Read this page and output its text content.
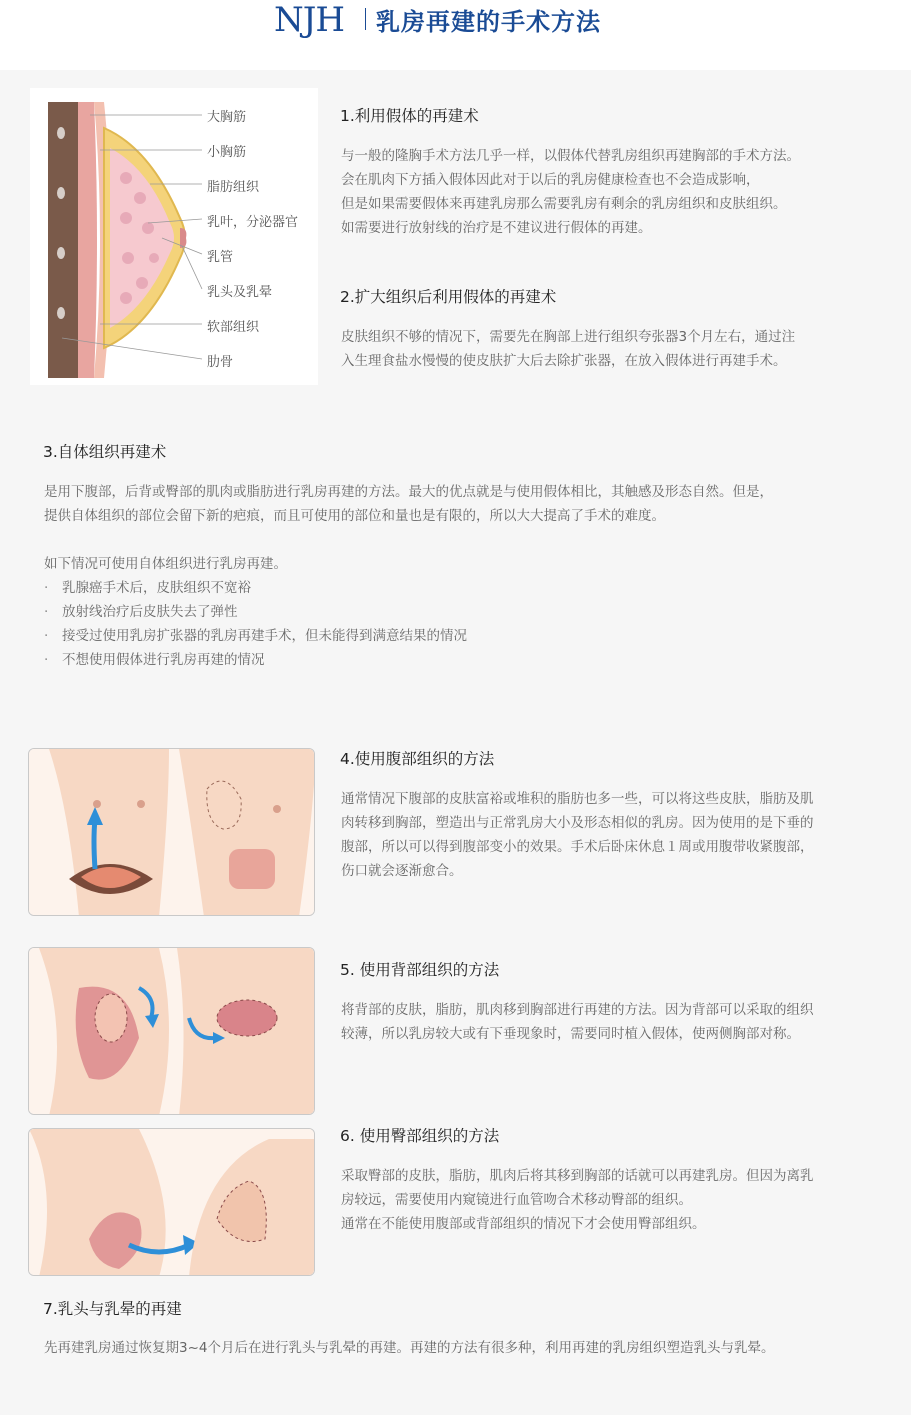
NJH 乳房再建的手术方法
大胸筋
小胸筋
脂肪组织
乳叶，分泌器官
乳管
乳头及乳晕
软部组织
肋骨
1.利用假体的再建术
与一般的隆胸手术方法几乎一样，以假体代替乳房组织再建胸部的手术方法。
会在肌肉下方插入假体因此对于以后的乳房健康检查也不会造成影响，
但是如果需要假体来再建乳房那么需要乳房有剩余的乳房组织和皮肤组织。
如需要进行放射线的治疗是不建议进行假体的再建。
2.扩大组织后利用假体的再建术
皮肤组织不够的情况下，需要先在胸部上进行组织夸张器3个月左右，通过注
入生理食盐水慢慢的使皮肤扩大后去除扩张器，在放入假体进行再建手术。
3.自体组织再建术
是用下腹部，后背或臀部的肌肉或脂肪进行乳房再建的方法。最大的优点就是与使用假体相比，其触感及形态自然。但是，
提供自体组织的部位会留下新的疤痕，而且可使用的部位和量也是有限的，所以大大提高了手术的难度。
如下情况可使用自体组织进行乳房再建。
· 乳腺癌手术后，皮肤组织不宽裕
· 放射线治疗后皮肤失去了弹性
· 接受过使用乳房扩张器的乳房再建手术，但未能得到满意结果的情况
· 不想使用假体进行乳房再建的情况
4.使用腹部组织的方法
通常情况下腹部的皮肤富裕或堆积的脂肪也多一些，可以将这些皮肤，脂肪及肌
肉转移到胸部，塑造出与正常乳房大小及形态相似的乳房。因为使用的是下垂的
腹部，所以可以得到腹部变小的效果。手术后卧床休息１周或用腹带收紧腹部，
伤口就会逐渐愈合。
5. 使用背部组织的方法
将背部的皮肤，脂肪，肌肉移到胸部进行再建的方法。因为背部可以采取的组织
较薄，所以乳房较大或有下垂现象时，需要同时植入假体，使两侧胸部对称。
6. 使用臀部组织的方法
采取臀部的皮肤，脂肪，肌肉后将其移到胸部的话就可以再建乳房。但因为离乳
房较远，需要使用内窥镜进行血管吻合术移动臀部的组织。
通常在不能使用腹部或背部组织的情况下才会使用臀部组织。
7.乳头与乳晕的再建
先再建乳房通过恢复期3~4个月后在进行乳头与乳晕的再建。再建的方法有很多种，利用再建的乳房组织塑造乳头与乳晕。
